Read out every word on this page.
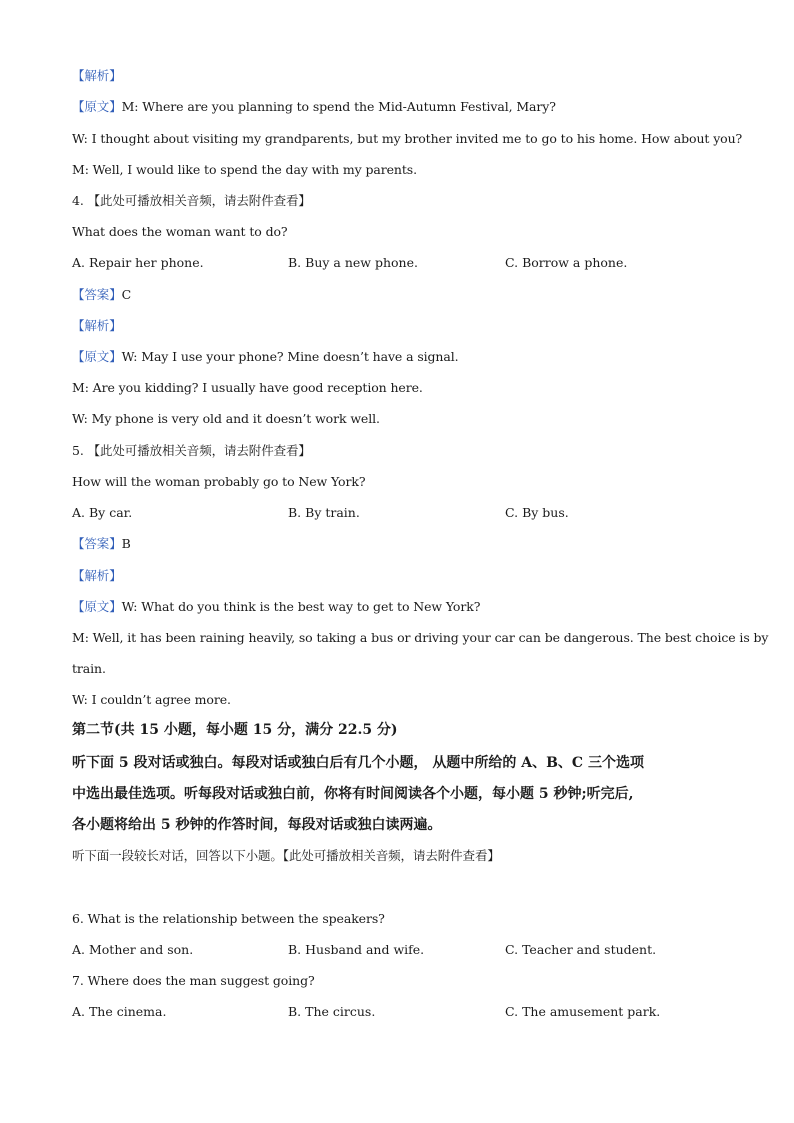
【解析】
【原文】M: Where are you planning to spend the Mid-Autumn Festival, Mary?
W: I thought about visiting my grandparents, but my brother invited me to go to his home. How about you?
M: Well, I would like to spend the day with my parents.
4. 【此处可播放相关音频，请去附件查看】
What does the woman want to do?
A. Repair her phone.	B. Buy a new phone.	C. Borrow a phone.
【答案】C
【解析】
【原文】W: May I use your phone? Mine doesn’t have a signal.
M: Are you kidding? I usually have good reception here.
W: My phone is very old and it doesn’t work well.
5. 【此处可播放相关音频，请去附件查看】
How will the woman probably go to New York?
A. By car.	B. By train.	C. By bus.
【答案】B
【解析】
【原文】W: What do you think is the best way to get to New York?
M: Well, it has been raining heavily, so taking a bus or driving your car can be dangerous. The best choice is by
train.
W: I couldn’t agree more.
第二节(共 15 小题，每小题 15 分，满分 22.5 分)
听下面 5 段对话或独白。每段对话或独白后有几个小题， 从题中所给的 A、B、C 三个选项
中选出最佳选项。听每段对话或独白前，你将有时间阅读各个小题，每小题 5 秒钟;听完后,
各小题将给出 5 秒钟的作答时间，每段对话或独白读两遍。
听下面一段较长对话，回答以下小题。【此处可播放相关音频，请去附件查看】
6. What is the relationship between the speakers?
A. Mother and son.	B. Husband and wife.	C. Teacher and student.
7. Where does the man suggest going?
A. The cinema.	B. The circus.	C. The amusement park.
